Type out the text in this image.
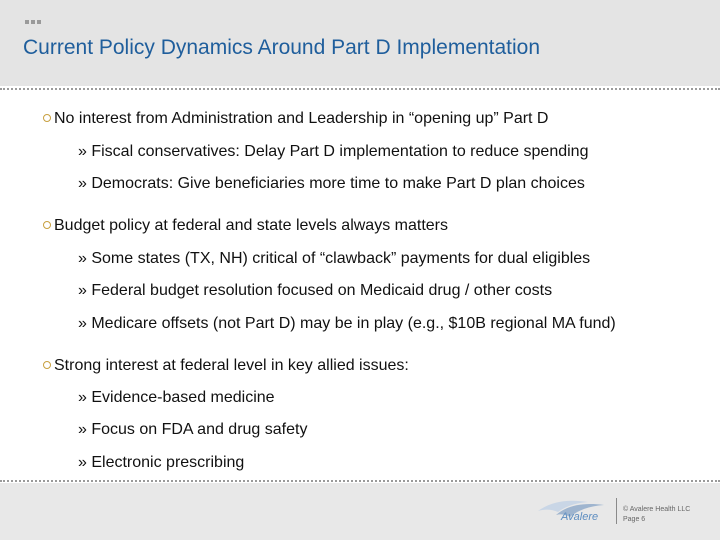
Current Policy Dynamics Around Part D Implementation
No interest from Administration and Leadership in “opening up” Part D
» Fiscal conservatives: Delay Part D implementation to reduce spending
» Democrats: Give beneficiaries more time to make Part D plan choices
Budget policy at federal and state levels always matters
» Some states (TX, NH) critical of “clawback” payments for dual eligibles
» Federal budget resolution focused on Medicaid drug / other costs
» Medicare offsets (not Part D) may be in play (e.g., $10B regional MA fund)
Strong interest at federal level in key allied issues:
» Evidence-based medicine
» Focus on FDA and drug safety
» Electronic prescribing
Avalere
© Avalere Health LLC
Page 6
